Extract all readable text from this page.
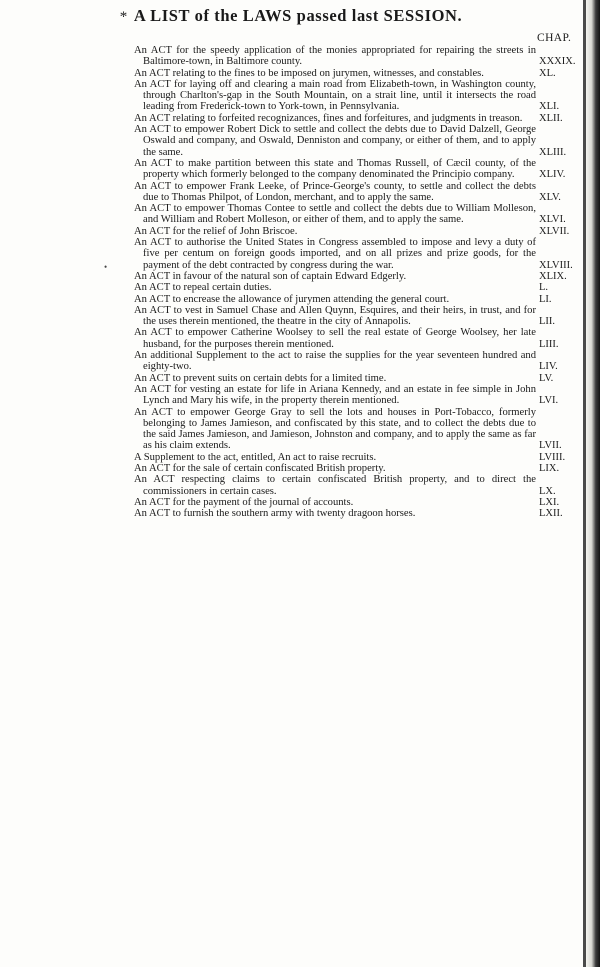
* A LIST of the LAWS passed last SESSION.
CHAP.

An ACT for the speedy application of the monies appropriated for repairing the streets in Baltimore-town, in Baltimore county.	XXXIX.

An ACT relating to the fines to be imposed on jurymen, witnesses, and constables.	XL.

An ACT for laying off and clearing a main road from Elizabeth-town, in Washington county, through Charlton's-gap in the South Mountain, on a strait line, until it intersects the road leading from Frederick-town to York-town, in Pennsylvania.	XLI.

An ACT relating to forfeited recognizances, fines and forfeitures, and judgments in treason.	XLII.

An ACT to empower Robert Dick to settle and collect the debts due to David Dalzell, George Oswald and company, and Oswald, Denniston and company, or either of them, and to apply the same.	XLIII.

An ACT to make partition between this state and Thomas Russell, of Cæcil county, of the property which formerly belonged to the company denominated the Principio company.	XLIV.

An ACT to empower Frank Leeke, of Prince-George's county, to settle and collect the debts due to Thomas Philpot, of London, merchant, and to apply the same.	XLV.

An ACT to empower Thomas Contee to settle and collect the debts due to William Molleson, and William and Robert Molleson, or either of them, and to apply the same.	XLVI.

An ACT for the relief of John Briscoe.	XLVII.

An ACT to authorise the United States in Congress assembled to impose and levy a duty of five per centum on foreign goods imported, and on all prizes and prize goods, for the payment of the debt contracted by congress during the war.	XLVIII.

An ACT in favour of the natural son of captain Edward Edgerly.	XLIX.

An ACT to repeal certain duties.	L.

An ACT to encrease the allowance of jurymen attending the general court.	LI.

An ACT to vest in Samuel Chase and Allen Quynn, Esquires, and their heirs, in trust, and for the uses therein mentioned, the theatre in the city of Annapolis.	LII.

An ACT to empower Catherine Woolsey to sell the real estate of George Woolsey, her late husband, for the purposes therein mentioned.	LIII.

An additional Supplement to the act to raise the supplies for the year seventeen hundred and eighty-two.	LIV.

An ACT to prevent suits on certain debts for a limited time.	LV.

An ACT for vesting an estate for life in Ariana Kennedy, and an estate in fee simple in John Lynch and Mary his wife, in the property therein mentioned.	LVI.

An ACT to empower George Gray to sell the lots and houses in Port-Tobacco, formerly belonging to James Jamieson, and confiscated by this state, and to collect the debts due to the said James Jamieson, and Jamieson, Johnston and company, and to apply the same as far as his claim extends.	LVII.

A Supplement to the act, entitled, An act to raise recruits.	LVIII.

An ACT for the sale of certain confiscated British property.	LIX.

An ACT respecting claims to certain confiscated British property, and to direct the commissioners in certain cases.	LX.

An ACT for the payment of the journal of accounts.	LXI.

An ACT to furnish the southern army with twenty dragoon horses.	LXII.
•
